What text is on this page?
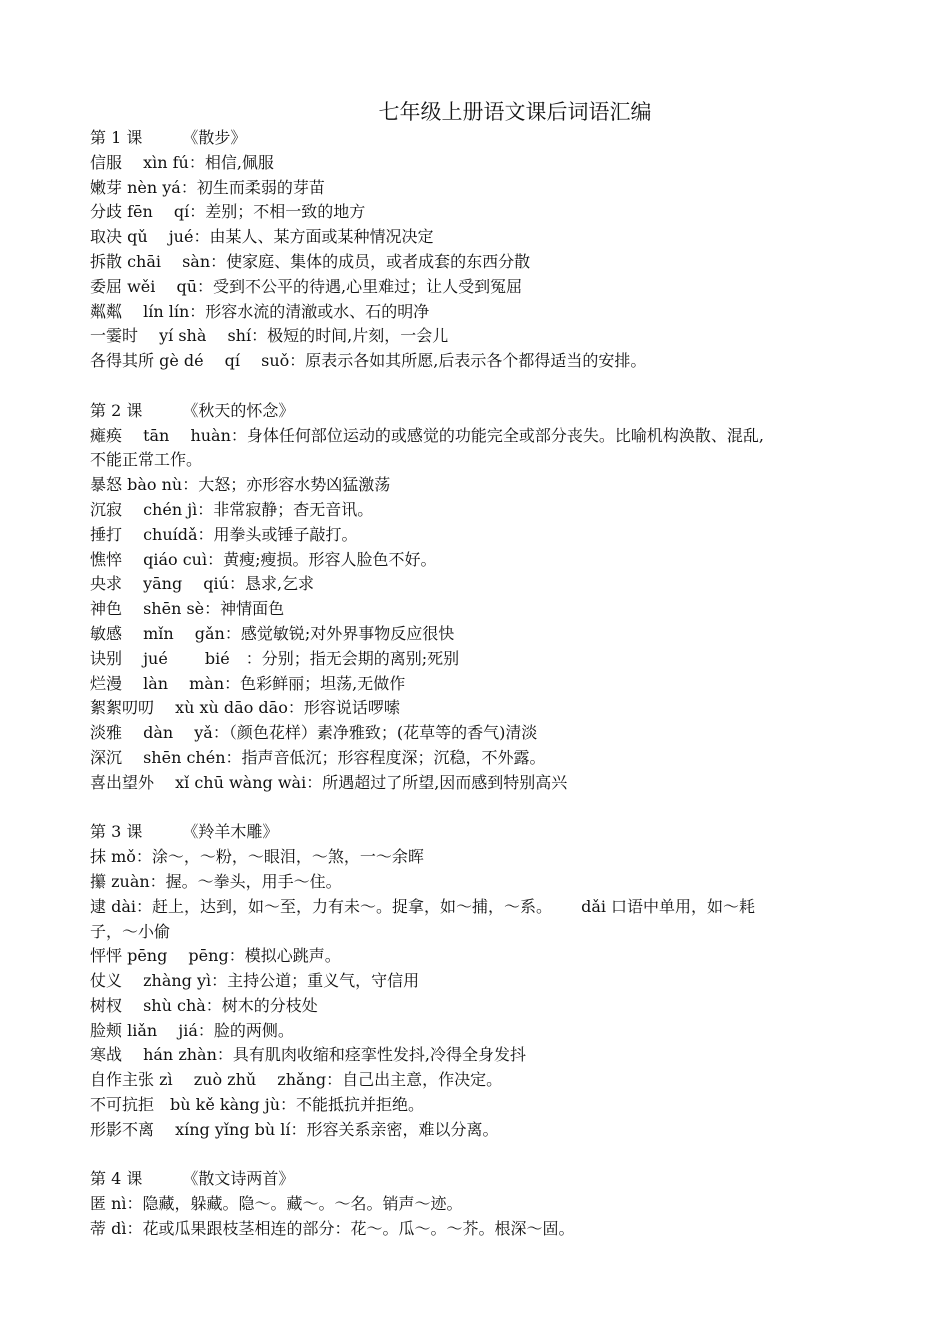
七年级上册语文课后词语汇编

第 1 课　　　《散步》

信服　 xìn fú：相信,佩服

嫩芽 nèn yá：初生而柔弱的芽苗

分歧 fēn　 qí：差别；不相一致的地方

取决 qǔ　 jué：由某人、某方面或某种情况决定

拆散 chāi　 sàn：使家庭、集体的成员，或者成套的东西分散

委屈 wěi　 qū：受到不公平的待遇,心里难过；让人受到冤屈

粼粼　 lín lín：形容水流的清澈或水、石的明净

一霎时　 yí shà　 shí：极短的时间,片刻，一会儿

各得其所 gè dé　 qí　 suǒ：原表示各如其所愿,后表示各个都得适当的安排。

第 2 课　　　《秋天的怀念》

瘫痪　 tān　 huàn：身体任何部位运动的或感觉的功能完全或部分丧失。比喻机构涣散、混乱,

不能正常工作。

暴怒 bào nù：大怒；亦形容水势凶猛激荡

沉寂　 chén jì：非常寂静；杳无音讯。

捶打　 chuídǎ：用拳头或锤子敲打。

憔悴　 qiáo cuì：黄瘦;瘦损。形容人脸色不好。

央求　 yāng　 qiú：恳求,乞求

神色　 shēn sè：神情面色

敏感　 mǐn　 gǎn：感觉敏锐;对外界事物反应很快

诀别　 jué　　 bié　：分别；指无会期的离别;死别

烂漫　 làn　 màn：色彩鲜丽；坦荡,无做作

絮絮叨叨　 xù xù dāo dāo：形容说话啰嗦

淡雅　 dàn　 yǎ：（颜色花样）素净雅致；(花草等的香气)清淡

深沉　 shēn chén：指声音低沉；形容程度深；沉稳，不外露。

喜出望外　 xǐ chū wàng wài：所遇超过了所望,因而感到特别高兴

第 3 课　　　《羚羊木雕》

抹 mǒ：涂～，～粉，～眼泪，～煞，一～余晖

攥 zuàn：握。～拳头，用手～住。

逮 dài：赶上，达到，如～至，力有未～。捉拿，如～捕，～系。　　 dǎi 口语中单用，如～耗

子，～小偷

怦怦 pēng　 pēng：模拟心跳声。

仗义　 zhàng yì：主持公道；重义气，守信用

树杈　 shù chà：树木的分枝处

脸颊 liǎn　 jiá：脸的两侧。

寒战　 hán zhàn：具有肌肉收缩和痉挛性发抖,冷得全身发抖

自作主张 zì　 zuò zhǔ　 zhǎng：自己出主意，作决定。

不可抗拒　bù kě kàng jù：不能抵抗并拒绝。

形影不离　 xíng yǐng bù lí：形容关系亲密，难以分离。

第 4 课　　　《散文诗两首》

匿 nì：隐藏，躲藏。隐～。藏～。～名。销声～迹。

蒂 dì：花或瓜果跟枝茎相连的部分：花～。瓜～。～芥。根深～固。
